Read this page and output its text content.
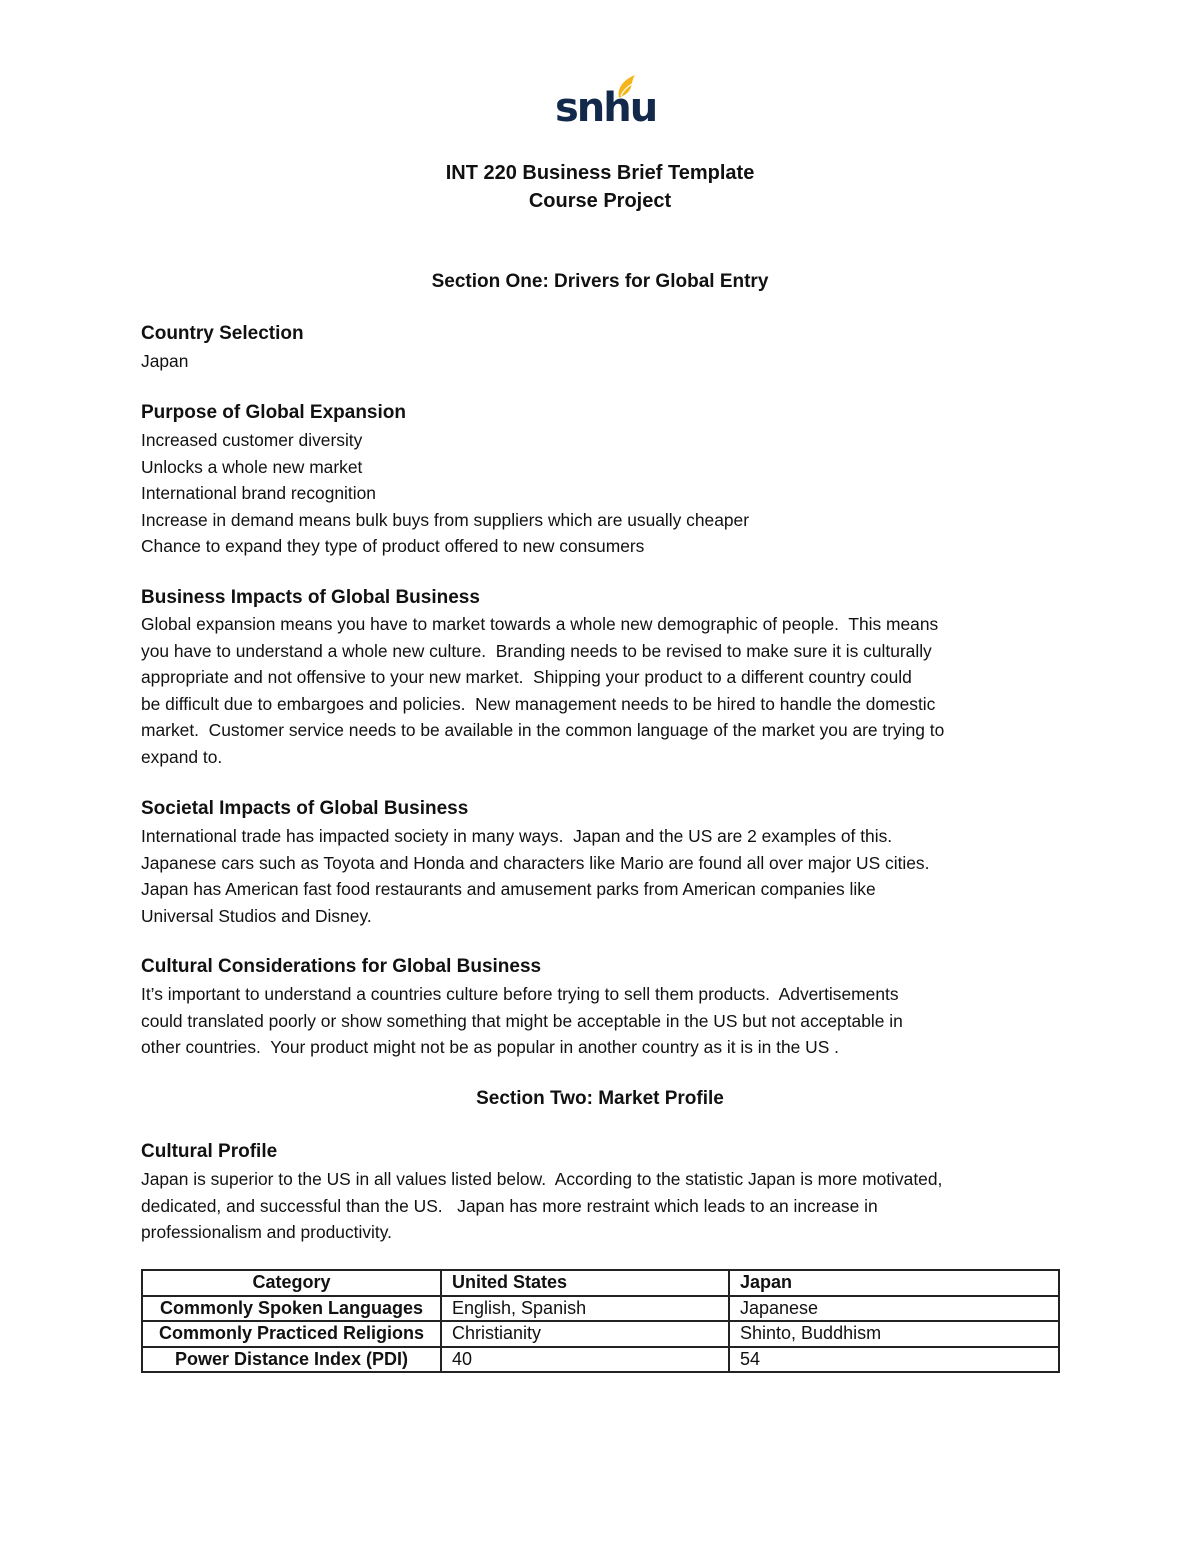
snhu
INT 220 Business Brief Template
Course Project
Section One: Drivers for Global Entry
Country Selection
Japan
Purpose of Global Expansion
Increased customer diversity
Unlocks a whole new market
International brand recognition
Increase in demand means bulk buys from suppliers which are usually cheaper
Chance to expand they type of product offered to new consumers
Business Impacts of Global Business
Global expansion means you have to market towards a whole new demographic of people.  This means
you have to understand a whole new culture.  Branding needs to be revised to make sure it is culturally
appropriate and not offensive to your new market.  Shipping your product to a different country could
be difficult due to embargoes and policies.  New management needs to be hired to handle the domestic
market.  Customer service needs to be available in the common language of the market you are trying to
expand to.
Societal Impacts of Global Business
International trade has impacted society in many ways.  Japan and the US are 2 examples of this.
Japanese cars such as Toyota and Honda and characters like Mario are found all over major US cities.
Japan has American fast food restaurants and amusement parks from American companies like
Universal Studios and Disney.
Cultural Considerations for Global Business
It’s important to understand a countries culture before trying to sell them products.  Advertisements
could translated poorly or show something that might be acceptable in the US but not acceptable in
other countries.  Your product might not be as popular in another country as it is in the US .
Section Two: Market Profile
Cultural Profile
Japan is superior to the US in all values listed below.  According to the statistic Japan is more motivated,
dedicated, and successful than the US.   Japan has more restraint which leads to an increase in
professionalism and productivity.
Category	United States	Japan
Commonly Spoken Languages	English, Spanish	Japanese
Commonly Practiced Religions	Christianity	Shinto, Buddhism
Power Distance Index (PDI)	40	54
